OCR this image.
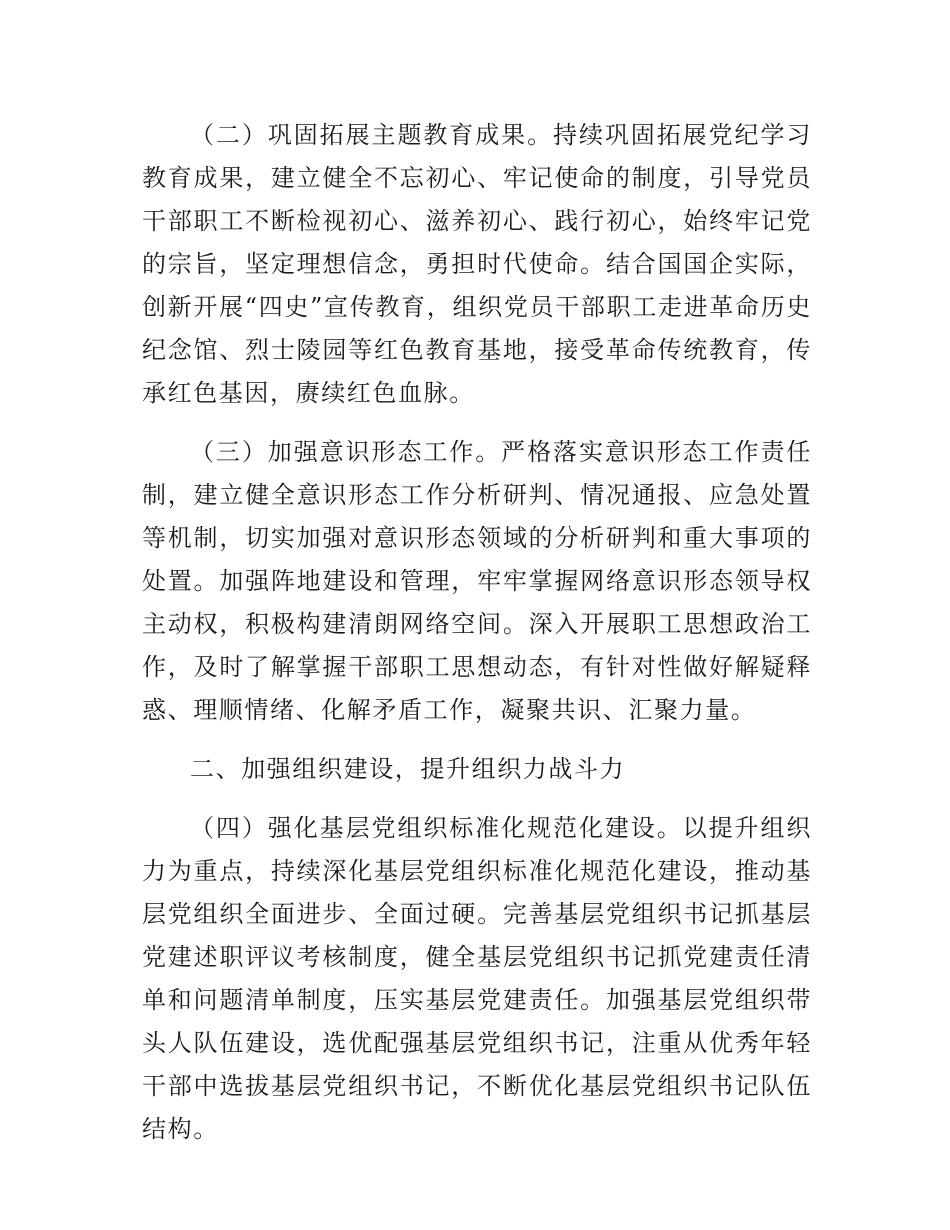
（二）巩固拓展主题教育成果。持续巩固拓展党纪学习教育成果，建立健全不忘初心、牢记使命的制度，引导党员干部职工不断检视初心、滋养初心、践行初心，始终牢记党的宗旨，坚定理想信念，勇担时代使命。结合国国企实际，创新开展“四史”宣传教育，组织党员干部职工走进革命历史纪念馆、烈士陵园等红色教育基地，接受革命传统教育，传承红色基因，赓续红色血脉。

（三）加强意识形态工作。严格落实意识形态工作责任制，建立健全意识形态工作分析研判、情况通报、应急处置等机制，切实加强对意识形态领域的分析研判和重大事项的处置。加强阵地建设和管理，牢牢掌握网络意识形态领导权主动权，积极构建清朗网络空间。深入开展职工思想政治工作，及时了解掌握干部职工思想动态，有针对性做好解疑释惑、理顺情绪、化解矛盾工作，凝聚共识、汇聚力量。

二、加强组织建设，提升组织力战斗力

（四）强化基层党组织标准化规范化建设。以提升组织力为重点，持续深化基层党组织标准化规范化建设，推动基层党组织全面进步、全面过硬。完善基层党组织书记抓基层党建述职评议考核制度，健全基层党组织书记抓党建责任清单和问题清单制度，压实基层党建责任。加强基层党组织带头人队伍建设，选优配强基层党组织书记，注重从优秀年轻干部中选拔基层党组织书记，不断优化基层党组织书记队伍结构。
